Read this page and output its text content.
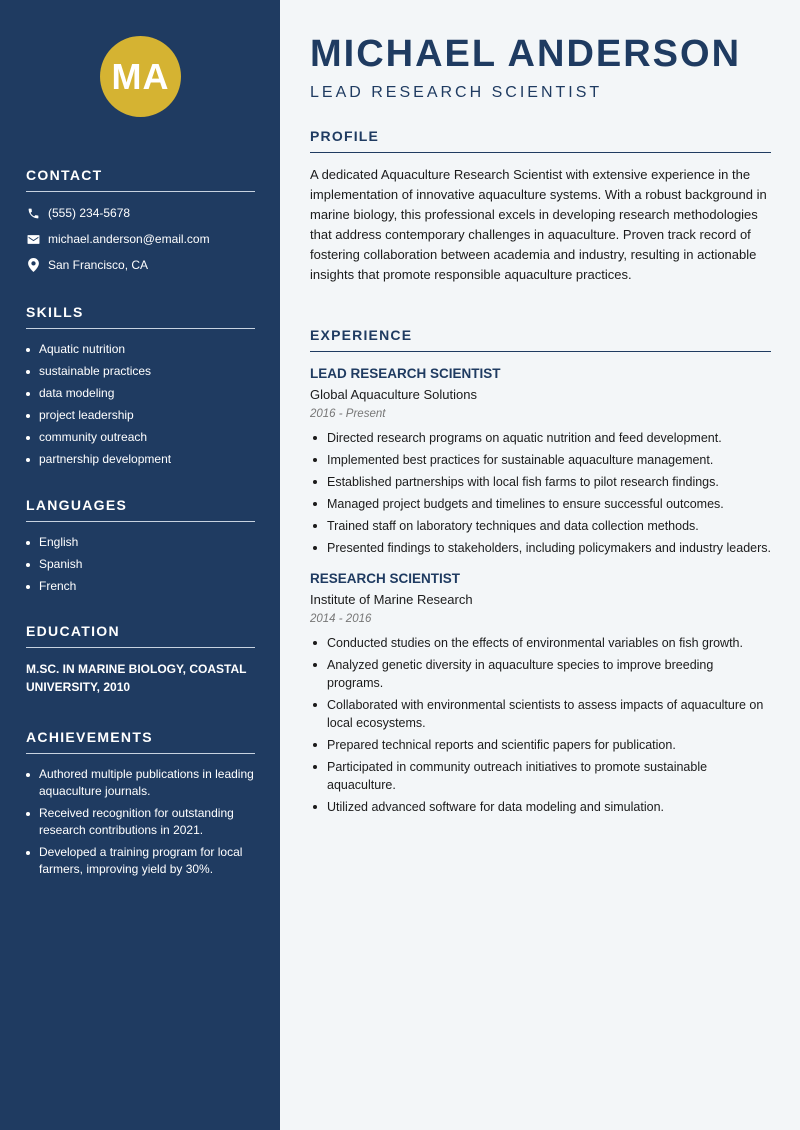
MA
CONTACT
(555) 234-5678
michael.anderson@email.com
San Francisco, CA
SKILLS
Aquatic nutrition
sustainable practices
data modeling
project leadership
community outreach
partnership development
LANGUAGES
English
Spanish
French
EDUCATION
M.SC. IN MARINE BIOLOGY, COASTAL UNIVERSITY, 2010
ACHIEVEMENTS
Authored multiple publications in leading aquaculture journals.
Received recognition for outstanding research contributions in 2021.
Developed a training program for local farmers, improving yield by 30%.
MICHAEL ANDERSON
LEAD RESEARCH SCIENTIST
PROFILE

A dedicated Aquaculture Research Scientist with extensive experience in the implementation of innovative aquaculture systems. With a robust background in marine biology, this professional excels in developing research methodologies that address contemporary challenges in aquaculture. Proven track record of fostering collaboration between academia and industry, resulting in actionable insights that promote responsible aquaculture practices.

EXPERIENCE
LEAD RESEARCH SCIENTIST
Global Aquaculture Solutions
2016 - Present
Directed research programs on aquatic nutrition and feed development.
Implemented best practices for sustainable aquaculture management.
Established partnerships with local fish farms to pilot research findings.
Managed project budgets and timelines to ensure successful outcomes.
Trained staff on laboratory techniques and data collection methods.
Presented findings to stakeholders, including policymakers and industry leaders.
RESEARCH SCIENTIST
Institute of Marine Research
2014 - 2016
Conducted studies on the effects of environmental variables on fish growth.
Analyzed genetic diversity in aquaculture species to improve breeding programs.
Collaborated with environmental scientists to assess impacts of aquaculture on local ecosystems.
Prepared technical reports and scientific papers for publication.
Participated in community outreach initiatives to promote sustainable aquaculture.
Utilized advanced software for data modeling and simulation.
